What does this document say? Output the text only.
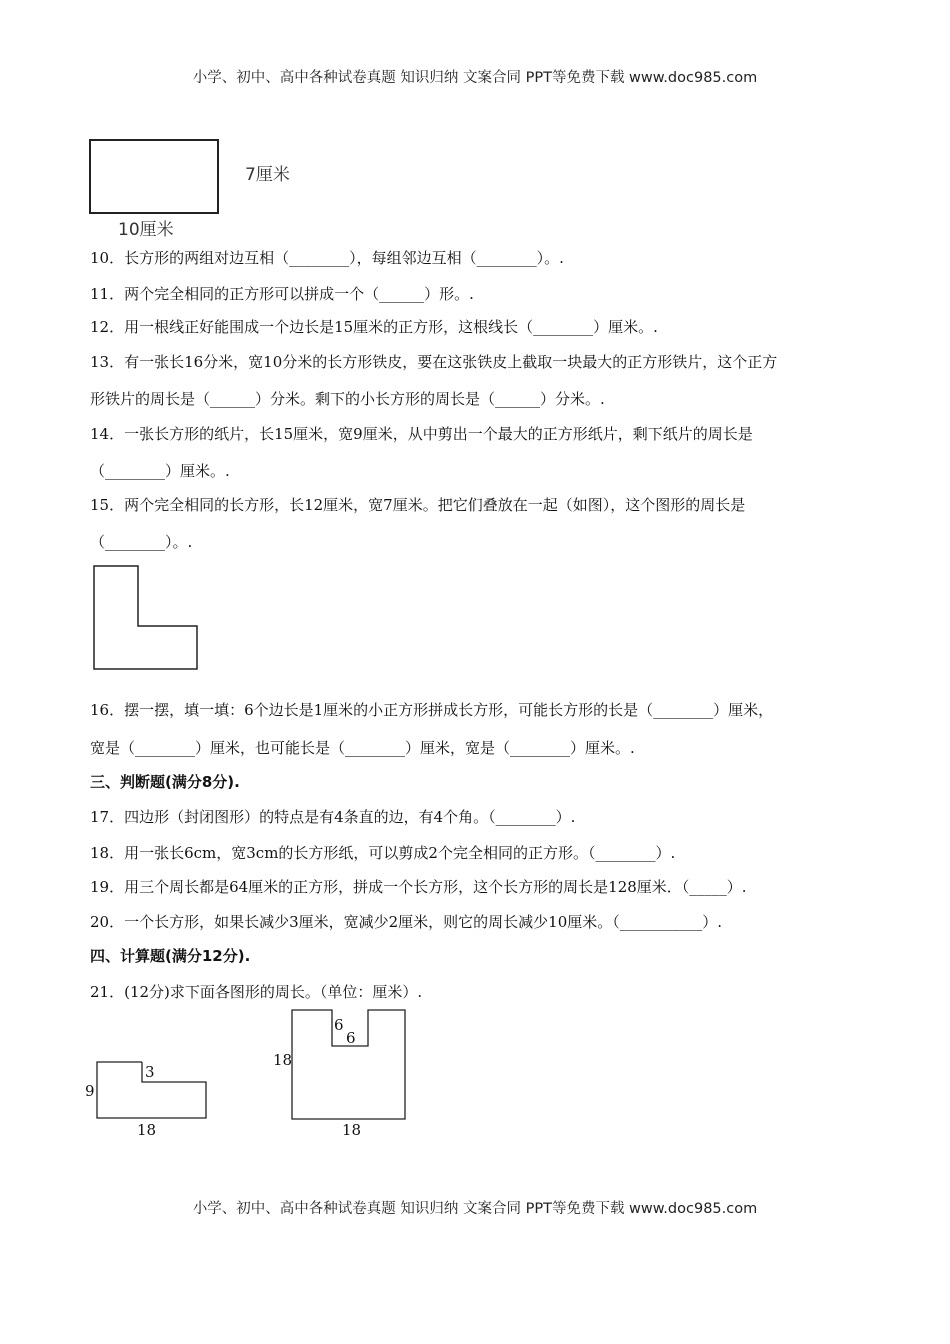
小学、初中、高中各种试卷真题 知识归纳 文案合同 PPT等免费下载 www.doc985.com
7厘米
10厘米
10．长方形的两组对边互相（________），每组邻边互相（________）。.
11．两个完全相同的正方形可以拼成一个（______）形。.
12．用一根线正好能围成一个边长是15厘米的正方形，这根线长（________）厘米。.
13．有一张长16分米，宽10分米的长方形铁皮，要在这张铁皮上截取一块最大的正方形铁片，这个正方
形铁片的周长是（______）分米。剩下的小长方形的周长是（______）分米。.
14．一张长方形的纸片，长15厘米，宽9厘米，从中剪出一个最大的正方形纸片，剩下纸片的周长是
（________）厘米。.
15．两个完全相同的长方形，长12厘米，宽7厘米。把它们叠放在一起（如图），这个图形的周长是
（________）。.
16．摆一摆，填一填：6个边长是1厘米的小正方形拼成长方形，可能长方形的长是（________）厘米，
宽是（________）厘米，也可能长是（________）厘米，宽是（________）厘米。.
三、判断题(满分8分).
17．四边形（封闭图形）的特点是有4条直的边，有4个角。（________）.
18．用一张长6cm，宽3cm的长方形纸，可以剪成2个完全相同的正方形。（________）.
19．用三个周长都是64厘米的正方形，拼成一个长方形，这个长方形的周长是128厘米．（_____）.
20．一个长方形，如果长减少3厘米，宽减少2厘米，则它的周长减少10厘米。（___________）.
四、计算题(满分12分).
21．(12分)求下面各图形的周长。（单位：厘米）.
9
3
18
18
6
6
18
小学、初中、高中各种试卷真题 知识归纳 文案合同 PPT等免费下载 www.doc985.com
